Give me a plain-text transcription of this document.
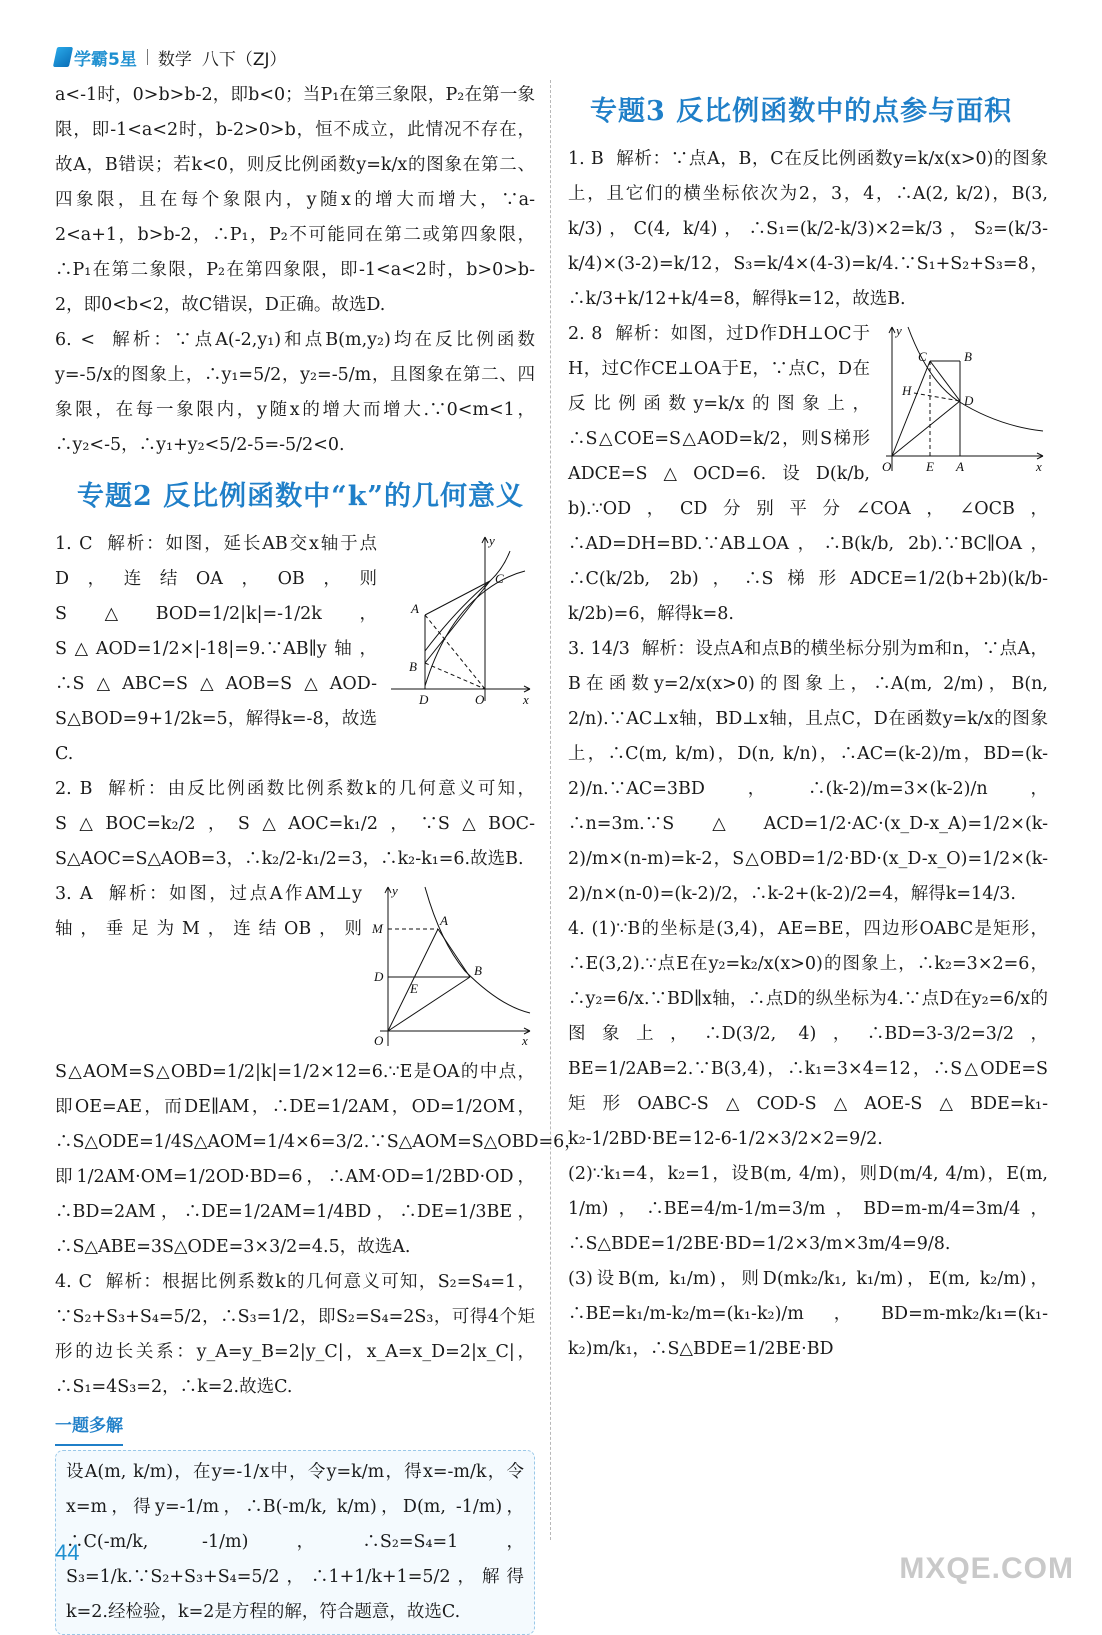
学霸5星 数学 八下（ZJ）

a<-1时，0>b>b-2，即b<0；当P₁在第三象限，P₂在第一象限，即-1<a<2时，b-2>0>b，恒不成立，此情况不存在，故A，B错误；若k<0，则反比例函数y=k/x的图象在第二、四象限，且在每个象限内，y随x的增大而增大，∵a-2<a+1，b>b-2，∴P₁，P₂不可能同在第二或第四象限，∴P₁在第二象限，P₂在第四象限，即-1<a<2时，b>0>b-2，即0<b<2，故C错误，D正确。故选D.

6. <  解析：∵点A(-2,y₁)和点B(m,y₂)均在反比例函数y=-5/x的图象上，∴y₁=5/2，y₂=-5/m，且图象在第二、四象限，在每一象限内，y随x的增大而增大.∵0<m<1，∴y₂<-5，∴y₁+y₂<5/2-5=-5/2<0.

专题2 反比例函数中“k”的几何意义
y
C
A
B
D	O	x

1. C  解析：如图，延长AB交x轴于点D，连结OA，OB，则S△BOD=1/2|k|=-1/2k，S△AOD=1/2×|-18|=9.∵AB∥y轴，∴S△ABC=S△AOB=S△AOD-S△BOD=9+1/2k=5，解得k=-8，故选C.

2. B  解析：由反比例函数比例系数k的几何意义可知，S△BOC=k₂/2，S△AOC=k₁/2，∵S△BOC-S△AOC=S△AOB=3，∴k₂/2-k₁/2=3，∴k₂-k₁=6.故选B.

y
M
A
D
E
B
O	x

3. A  解析：如图，过点A作AM⊥y轴，垂足为M，连结OB，则S△AOM=S△OBD=1/2|k|=1/2×12=6.∵E是OA的中点，即OE=AE，而DE∥AM，∴DE=1/2AM，OD=1/2OM，∴S△ODE=1/4S△AOM=1/4×6=3/2.∵S△AOM=S△OBD=6，即1/2AM·OM=1/2OD·BD=6，∴AM·OD=1/2BD·OD，∴BD=2AM，∴DE=1/2AM=1/4BD，∴DE=1/3BE，∴S△ABE=3S△ODE=3×3/2=4.5，故选A.

4. C  解析：根据比例系数k的几何意义可知，S₂=S₄=1，∵S₂+S₃+S₄=5/2，∴S₃=1/2，即S₂=S₄=2S₃，可得4个矩形的边长关系：y_A=y_B=2|y_C|，x_A=x_D=2|x_C|，∴S₁=4S₃=2，∴k=2.故选C.

一题多解

设A(m, k/m)，在y=-1/x中，令y=k/m，得x=-m/k，令x=m，得y=-1/m，∴B(-m/k, k/m)，D(m, -1/m)，∴C(-m/k, -1/m)，∴S₂=S₄=1，S₃=1/k.∵S₂+S₃+S₄=5/2，∴1+1/k+1=5/2，解得k=2.经检验，k=2是方程的解，符合题意，故选C.

专题3 反比例函数中的点参与面积

1. B  解析：∵点A，B，C在反比例函数y=k/x(x>0)的图象上，且它们的横坐标依次为2，3，4，∴A(2, k/2)，B(3, k/3)，C(4, k/4)，∴S₁=(k/2-k/3)×2=k/3，S₂=(k/3-k/4)×(3-2)=k/12，S₃=k/4×(4-3)=k/4.∵S₁+S₂+S₃=8，∴k/3+k/12+k/4=8，解得k=12，故选B.

y
C	B
H
D
O	E A	x

2. 8  解析：如图，过D作DH⊥OC于H，过C作CE⊥OA于E，∵点C，D在反比例函数y=k/x的图象上，∴S△COE=S△AOD=k/2，则S梯形ADCE=S△OCD=6.设D(k/b, b).∵OD，CD分别平分∠COA，∠OCB，∴AD=DH=BD.∵AB⊥OA，∴B(k/b, 2b).∵BC∥OA，∴C(k/2b, 2b)，∴S梯形ADCE=1/2(b+2b)(k/b-k/2b)=6，解得k=8.

3. 14/3  解析：设点A和点B的横坐标分别为m和n，∵点A，B在函数y=2/x(x>0)的图象上，∴A(m, 2/m)，B(n, 2/n).∵AC⊥x轴，BD⊥x轴，且点C，D在函数y=k/x的图象上，∴C(m, k/m)，D(n, k/n)，∴AC=(k-2)/m，BD=(k-2)/n.∵AC=3BD，∴(k-2)/m=3×(k-2)/n，∴n=3m.∵S△ACD=1/2·AC·(x_D-x_A)=1/2×(k-2)/m×(n-m)=k-2，S△OBD=1/2·BD·(x_D-x_O)=1/2×(k-2)/n×(n-0)=(k-2)/2，∴k-2+(k-2)/2=4，解得k=14/3.

4. (1)∵B的坐标是(3,4)，AE=BE，四边形OABC是矩形，∴E(3,2).∵点E在y₂=k₂/x(x>0)的图象上，∴k₂=3×2=6，∴y₂=6/x.∵BD∥x轴，∴点D的纵坐标为4.∵点D在y₂=6/x的图象上，∴D(3/2, 4)，∴BD=3-3/2=3/2，BE=1/2AB=2.∵B(3,4)，∴k₁=3×4=12，∴S△ODE=S矩形OABC-S△COD-S△AOE-S△BDE=k₁-k₂-1/2BD·BE=12-6-1/2×3/2×2=9/2.

(2)∵k₁=4，k₂=1，设B(m, 4/m)，则D(m/4, 4/m)，E(m, 1/m)，∴BE=4/m-1/m=3/m，BD=m-m/4=3m/4，∴S△BDE=1/2BE·BD=1/2×3/m×3m/4=9/8.

(3)设B(m, k₁/m)，则D(mk₂/k₁, k₁/m)，E(m, k₂/m)，∴BE=k₁/m-k₂/m=(k₁-k₂)/m，BD=m-mk₂/k₁=(k₁-k₂)m/k₁，∴S△BDE=1/2BE·BD

44	MXQE.COM
